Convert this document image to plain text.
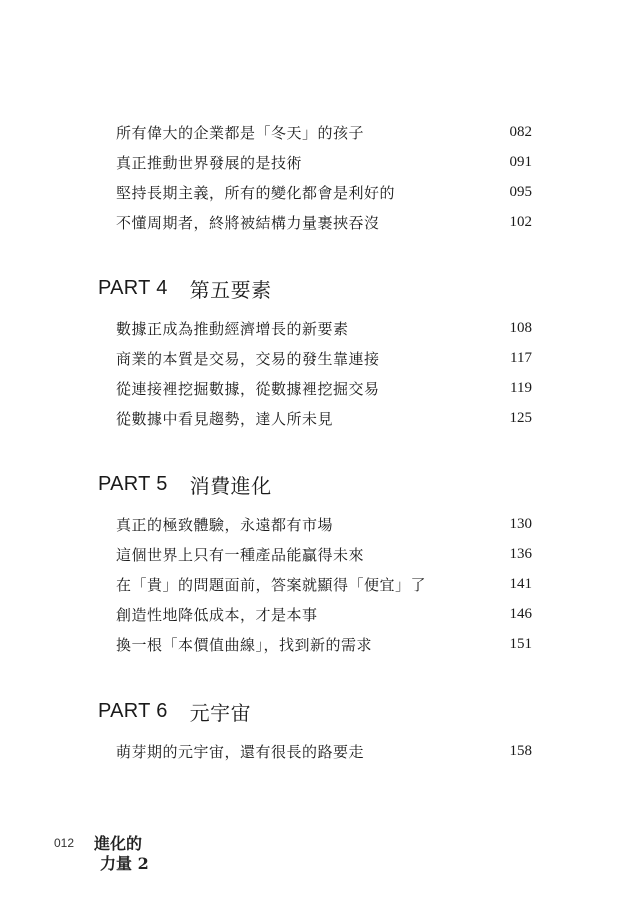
所有偉大的企業都是「冬天」的孩子	082
真正推動世界發展的是技術	091
堅持長期主義，所有的變化都會是利好的	095
不懂周期者，終將被結構力量裹挾吞沒	102
PART 4 第五要素
數據正成為推動經濟增長的新要素	108
商業的本質是交易，交易的發生靠連接	117
從連接裡挖掘數據，從數據裡挖掘交易	119
從數據中看見趨勢，達人所未見	125
PART 5 消費進化
真正的極致體驗，永遠都有市場	130
這個世界上只有一種產品能贏得未來	136
在「貴」的問題面前，答案就顯得「便宜」了	141
創造性地降低成本，才是本事	146
換一根「本價值曲線」，找到新的需求	151
PART 6 元宇宙
萌芽期的元宇宙，還有很長的路要走	158
012 進化的
力量 2
